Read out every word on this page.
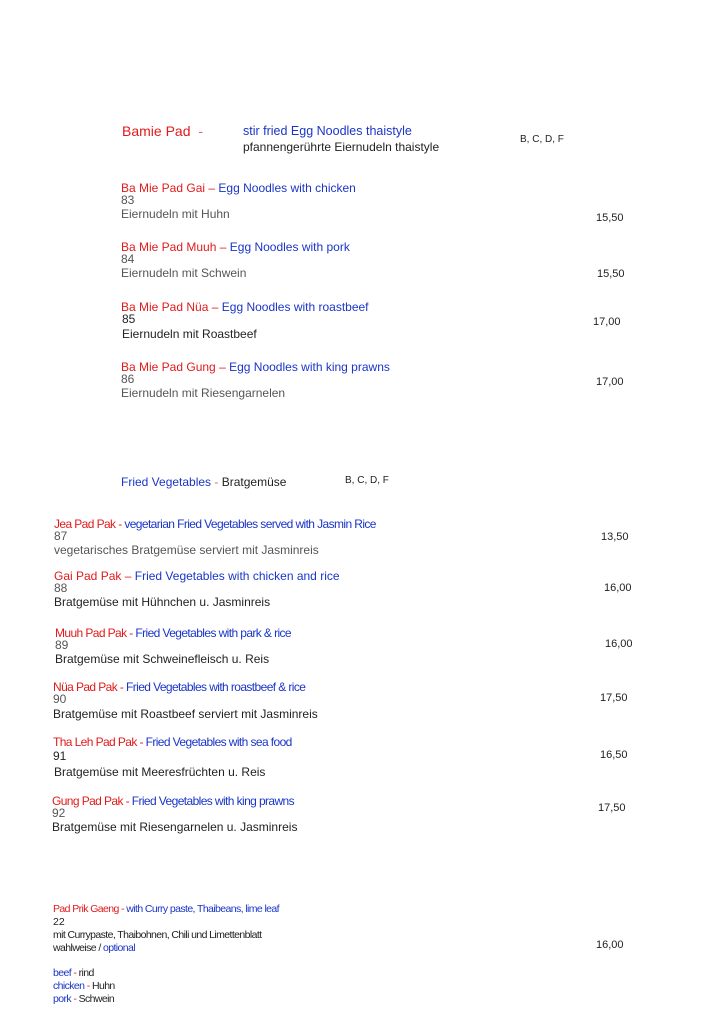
Bamie Pad -	stir fried Egg Noodles thaistyle
pfannengerührte Eiernudeln thaistyle
B, C, D, F
Ba Mie Pad Gai – Egg Noodles with chicken
83
Eiernudeln mit Huhn	15,50
Ba Mie Pad Muuh – Egg Noodles with pork
84
Eiernudeln mit Schwein	15,50
Ba Mie Pad Nüa – Egg Noodles with roastbeef
85
Eiernudeln mit Roastbeef
17,00
Ba Mie Pad Gung – Egg Noodles with king prawns
86
Eiernudeln mit Riesengarnelen
17,00
Fried Vegetables - Bratgemüse	B, C, D, F
Jea Pad Pak - vegetarian Fried Vegetables served with Jasmin Rice
87
vegetarisches Bratgemüse serviert mit Jasminreis
13,50
Gai Pad Pak – Fried Vegetables with chicken and rice
88
Bratgemüse mit Hühnchen u. Jasminreis
16,00
Muuh Pad Pak - Fried Vegetables with park & rice
89
Bratgemüse mit Schweinefleisch u. Reis
16,00
Nüa Pad Pak - Fried Vegetables with roastbeef & rice
90
Bratgemüse mit Roastbeef serviert mit Jasminreis
17,50
Tha Leh Pad Pak - Fried Vegetables with sea food
91
Bratgemüse mit Meeresfrüchten u. Reis
16,50
Gung Pad Pak - Fried Vegetables with king prawns
92
Bratgemüse mit Riesengarnelen u. Jasminreis
17,50
Pad Prik Gaeng - with Curry paste, Thaibeans, lime leaf
22
mit Currypaste, Thaibohnen, Chili und Limettenblatt
wahlweise / optional	16,00
beef - rind
chicken - Huhn
pork - Schwein
